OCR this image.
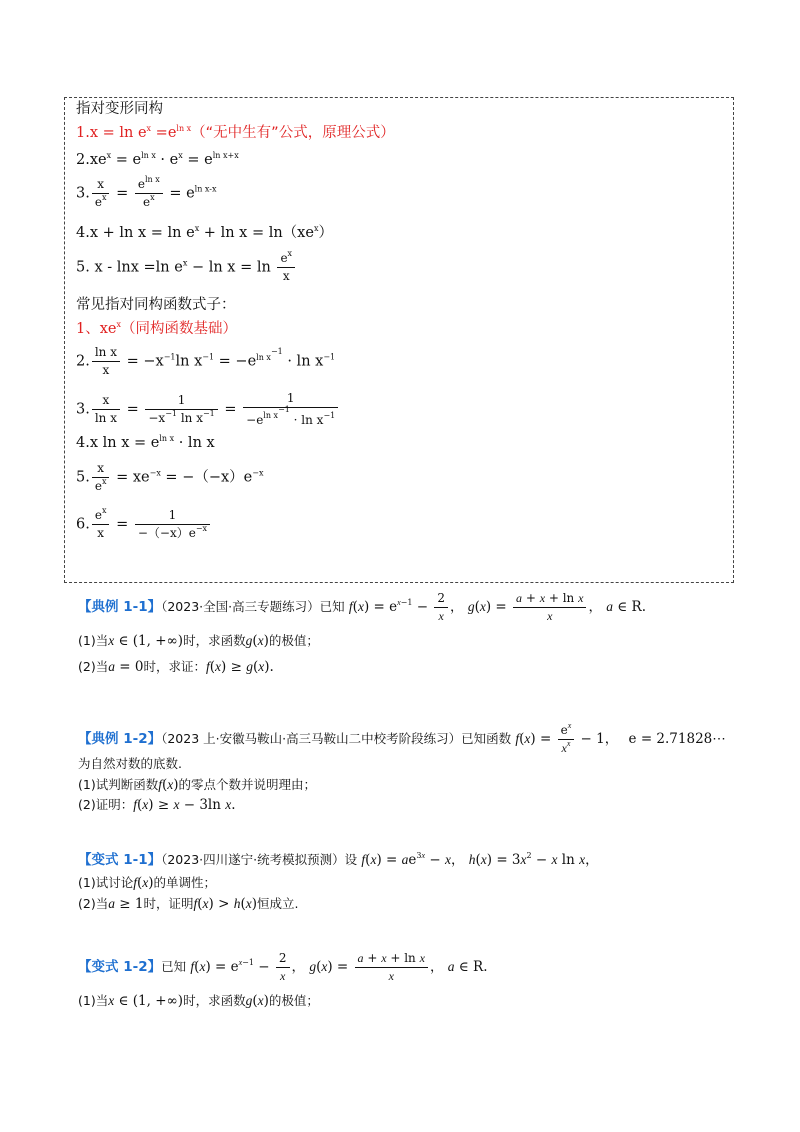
指对变形同构
$1.x = \ln e^x$ $=e^{ln x}(“$无中生有”公式，原理公式）
$2.xe^x = e^{ln x} \cdot e^x = e^{ln x+x}$
3. $\frac{x}{e^x} = \frac{e^{ln x}}{e^x} = e^{ln x-x}$
$4.x + \ln x = \ln e^x + \ln x = \ln(xe^x)$
5. x - lnx =ln $e^x - \ln x = \ln \frac{e^x}{x}$
常见指对同构函数式子：
1、$xe^x$（同构函数基础）
2. $\frac{\text{ln x}}{x} = -x^{-1}\ln$ $x^{-1} = -e^{ln x^{-1}} \cdot \ln x^{-1}$
3. $\frac{x}{\text{ln x}} = \frac{1}{-x^{-1} \ln x^{-1}} = \frac{1}{-e^{ln x^{-1}} \cdot \ln x^{-1}}$
4.x $\ln x = e^{ln x} \cdot \ln x$
5. $\frac{x}{e^x} = xe^{-x} = -(-x)e^{-x}$
6. $\frac{e^x}{x} = \frac{1}{-(-x)e^{-x}}$
【典例 1-1】（2023·全国·高三专题练习）已知 $f(x) = e^{x-1} - \frac{2}{x}$ ， $g(x) = \frac{\text{a + x + ln x}}{x}$ ， a ∈ R.
(1)当x ∈ (1, +∞)时，求函数g(x)的极值；
(2)当a = 0时，求证：f(x) ≥ g(x).
【典例 1-2】（2023 上·安徽马鞍山·高三马鞍山二中校考阶段练习）已知函数 $f(x) = \frac{e^x}{x^x} - 1$， e = 2.71828⋯
为自然对数的底数.
(1)试判断函数f(x)的零点个数并说明理由；
(2)证明：f(x) ≥ x − 3ln x.
【变式 1-1】（2023·四川遂宁·统考模拟预测）设 $f(x) = ae^{3x} - x$， $h(x) = 3x^2 - x$ ln x，
(1)试讨论f(x)的单调性；
(2)当a ≥ 1时，证明f(x) > h(x)恒成立.
【变式 1-2】已知 $f(x) = e^{x-1} - \frac{2}{x}$ ， $g(x) = \frac{\text{a + x + ln x}}{x}$ ， a ∈ R.
(1)当x ∈ (1, +∞)时，求函数g(x)的极值；
